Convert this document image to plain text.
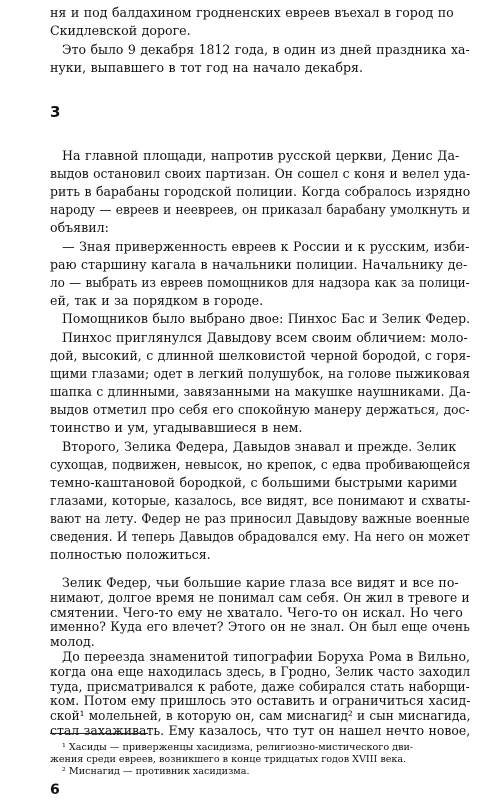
ня и под балдахином гродненских евреев въехал в город по
Скидлевской дороге.
Это было 9 декабря 1812 года, в один из дней праздника ха-
нуки, выпавшего в тот год на начало декабря.
3
На главной площади, напротив русской церкви, Денис Да-
выдов остановил своих партизан. Он сошел с коня и велел уда-
рить в барабаны городской полиции. Когда собралось изрядно
народу — евреев и неевреев, он приказал барабану умолкнуть и
объявил:
— Зная приверженность евреев к России и к русским, изби-
раю старшину кагала в начальники полиции. Начальнику де-
ло — выбрать из евреев помощников для надзора как за полици-
ей, так и за порядком в городе.
Помощников было выбрано двое: Пинхос Бас и Зелик Федер.
Пинхос приглянулся Давыдову всем своим обличием: моло-
дой, высокий, с длинной шелковистой черной бородой, с горя-
щими глазами; одет в легкий полушубок, на голове пыжиковая
шапка с длинными, завязанными на макушке наушниками. Да-
выдов отметил про себя его спокойную манеру держаться, дос-
тоинство и ум, угадывавшиеся в нем.
Второго, Зелика Федера, Давыдов знавал и прежде. Зелик
сухощав, подвижен, невысок, но крепок, с едва пробивающейся
темно-каштановой бородкой, с большими быстрыми карими
глазами, которые, казалось, все видят, все понимают и схваты-
вают на лету. Федер не раз приносил Давыдову важные военные
сведения. И теперь Давыдов обрадовался ему. На него он может
полностью положиться.
Зелик Федер, чьи большие карие глаза все видят и все по-
нимают, долгое время не понимал сам себя. Он жил в тревоге и
смятении. Чего-то ему не хватало. Чего-то он искал. Но чего
именно? Куда его влечет? Этого он не знал. Он был еще очень
молод.
До переезда знаменитой типографии Боруха Рома в Вильно,
когда она еще находилась здесь, в Гродно, Зелик часто заходил
туда, присматривался к работе, даже собирался стать наборщи-
ком. Потом ему пришлось это оставить и ограничиться хасид-
ской¹ молельней, в которую он, сам миснагид² и сын миснагида,
стал захаживать. Ему казалось, что тут он нашел нечто новое,
¹ Хасиды — приверженцы хасидизма, религиозно-мистического дви-
жения среди евреев, возникшего в конце тридцатых годов XVIII века.
² Миснагид — противник хасидизма.
6
